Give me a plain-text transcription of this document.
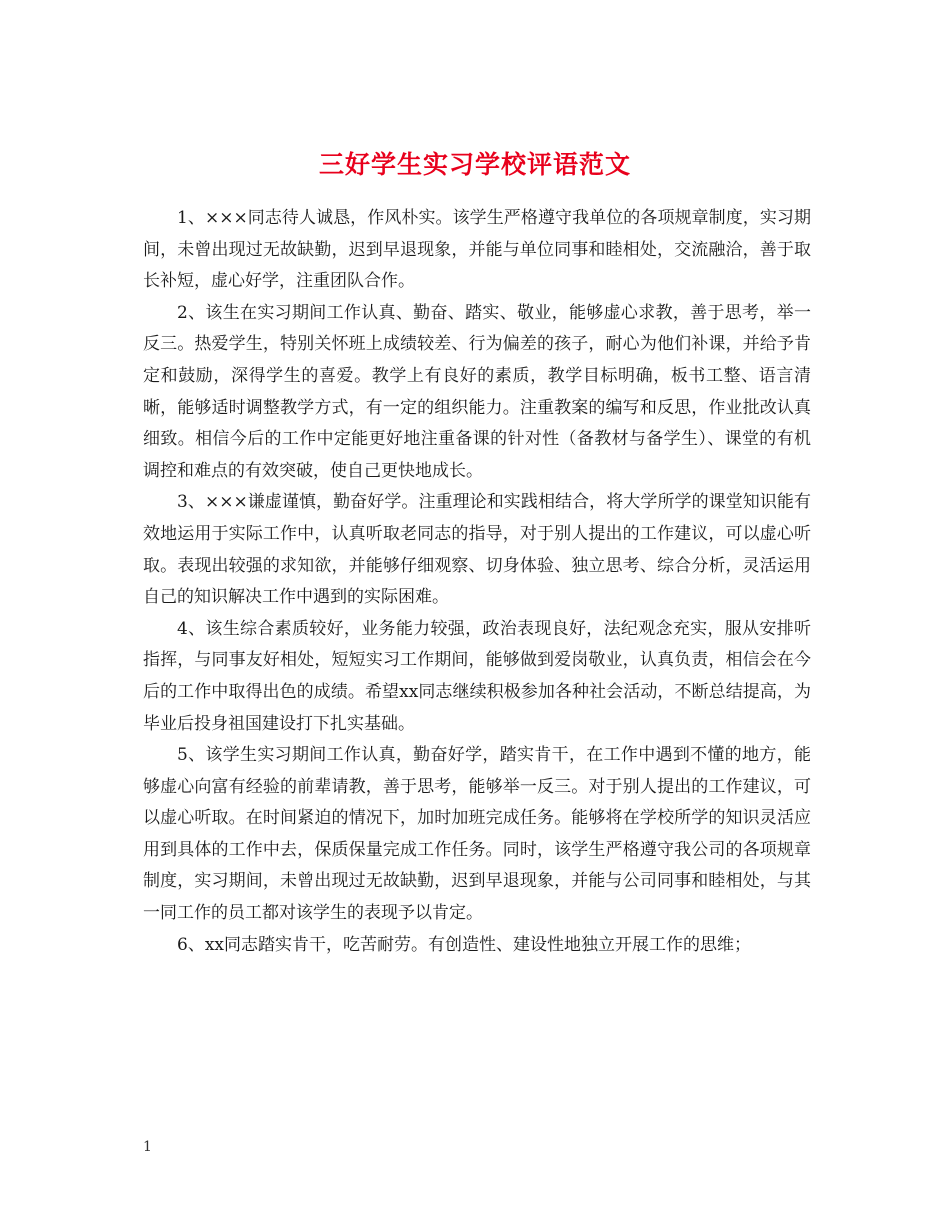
三好学生实习学校评语范文

1、×××同志待人诚恳，作风朴实。该学生严格遵守我单位的各项规章制度，实习期间，未曾出现过无故缺勤，迟到早退现象，并能与单位同事和睦相处，交流融洽，善于取长补短，虚心好学，注重团队合作。

2、该生在实习期间工作认真、勤奋、踏实、敬业，能够虚心求教，善于思考，举一反三。热爱学生，特别关怀班上成绩较差、行为偏差的孩子，耐心为他们补课，并给予肯定和鼓励，深得学生的喜爱。教学上有良好的素质，教学目标明确，板书工整、语言清晰，能够适时调整教学方式，有一定的组织能力。注重教案的编写和反思，作业批改认真细致。相信今后的工作中定能更好地注重备课的针对性（备教材与备学生）、课堂的有机调控和难点的有效突破，使自己更快地成长。

3、×××谦虚谨慎，勤奋好学。注重理论和实践相结合，将大学所学的课堂知识能有效地运用于实际工作中，认真听取老同志的指导，对于别人提出的工作建议，可以虚心听取。表现出较强的求知欲，并能够仔细观察、切身体验、独立思考、综合分析，灵活运用自己的知识解决工作中遇到的实际困难。

4、该生综合素质较好，业务能力较强，政治表现良好，法纪观念充实，服从安排听指挥，与同事友好相处，短短实习工作期间，能够做到爱岗敬业，认真负责，相信会在今后的工作中取得出色的成绩。希望xx同志继续积极参加各种社会活动，不断总结提高，为毕业后投身祖国建设打下扎实基础。

5、该学生实习期间工作认真，勤奋好学，踏实肯干，在工作中遇到不懂的地方，能够虚心向富有经验的前辈请教，善于思考，能够举一反三。对于别人提出的工作建议，可以虚心听取。在时间紧迫的情况下，加时加班完成任务。能够将在学校所学的知识灵活应用到具体的工作中去，保质保量完成工作任务。同时，该学生严格遵守我公司的各项规章制度，实习期间，未曾出现过无故缺勤，迟到早退现象，并能与公司同事和睦相处，与其一同工作的员工都对该学生的表现予以肯定。

6、xx同志踏实肯干，吃苦耐劳。有创造性、建设性地独立开展工作的思维；

1
